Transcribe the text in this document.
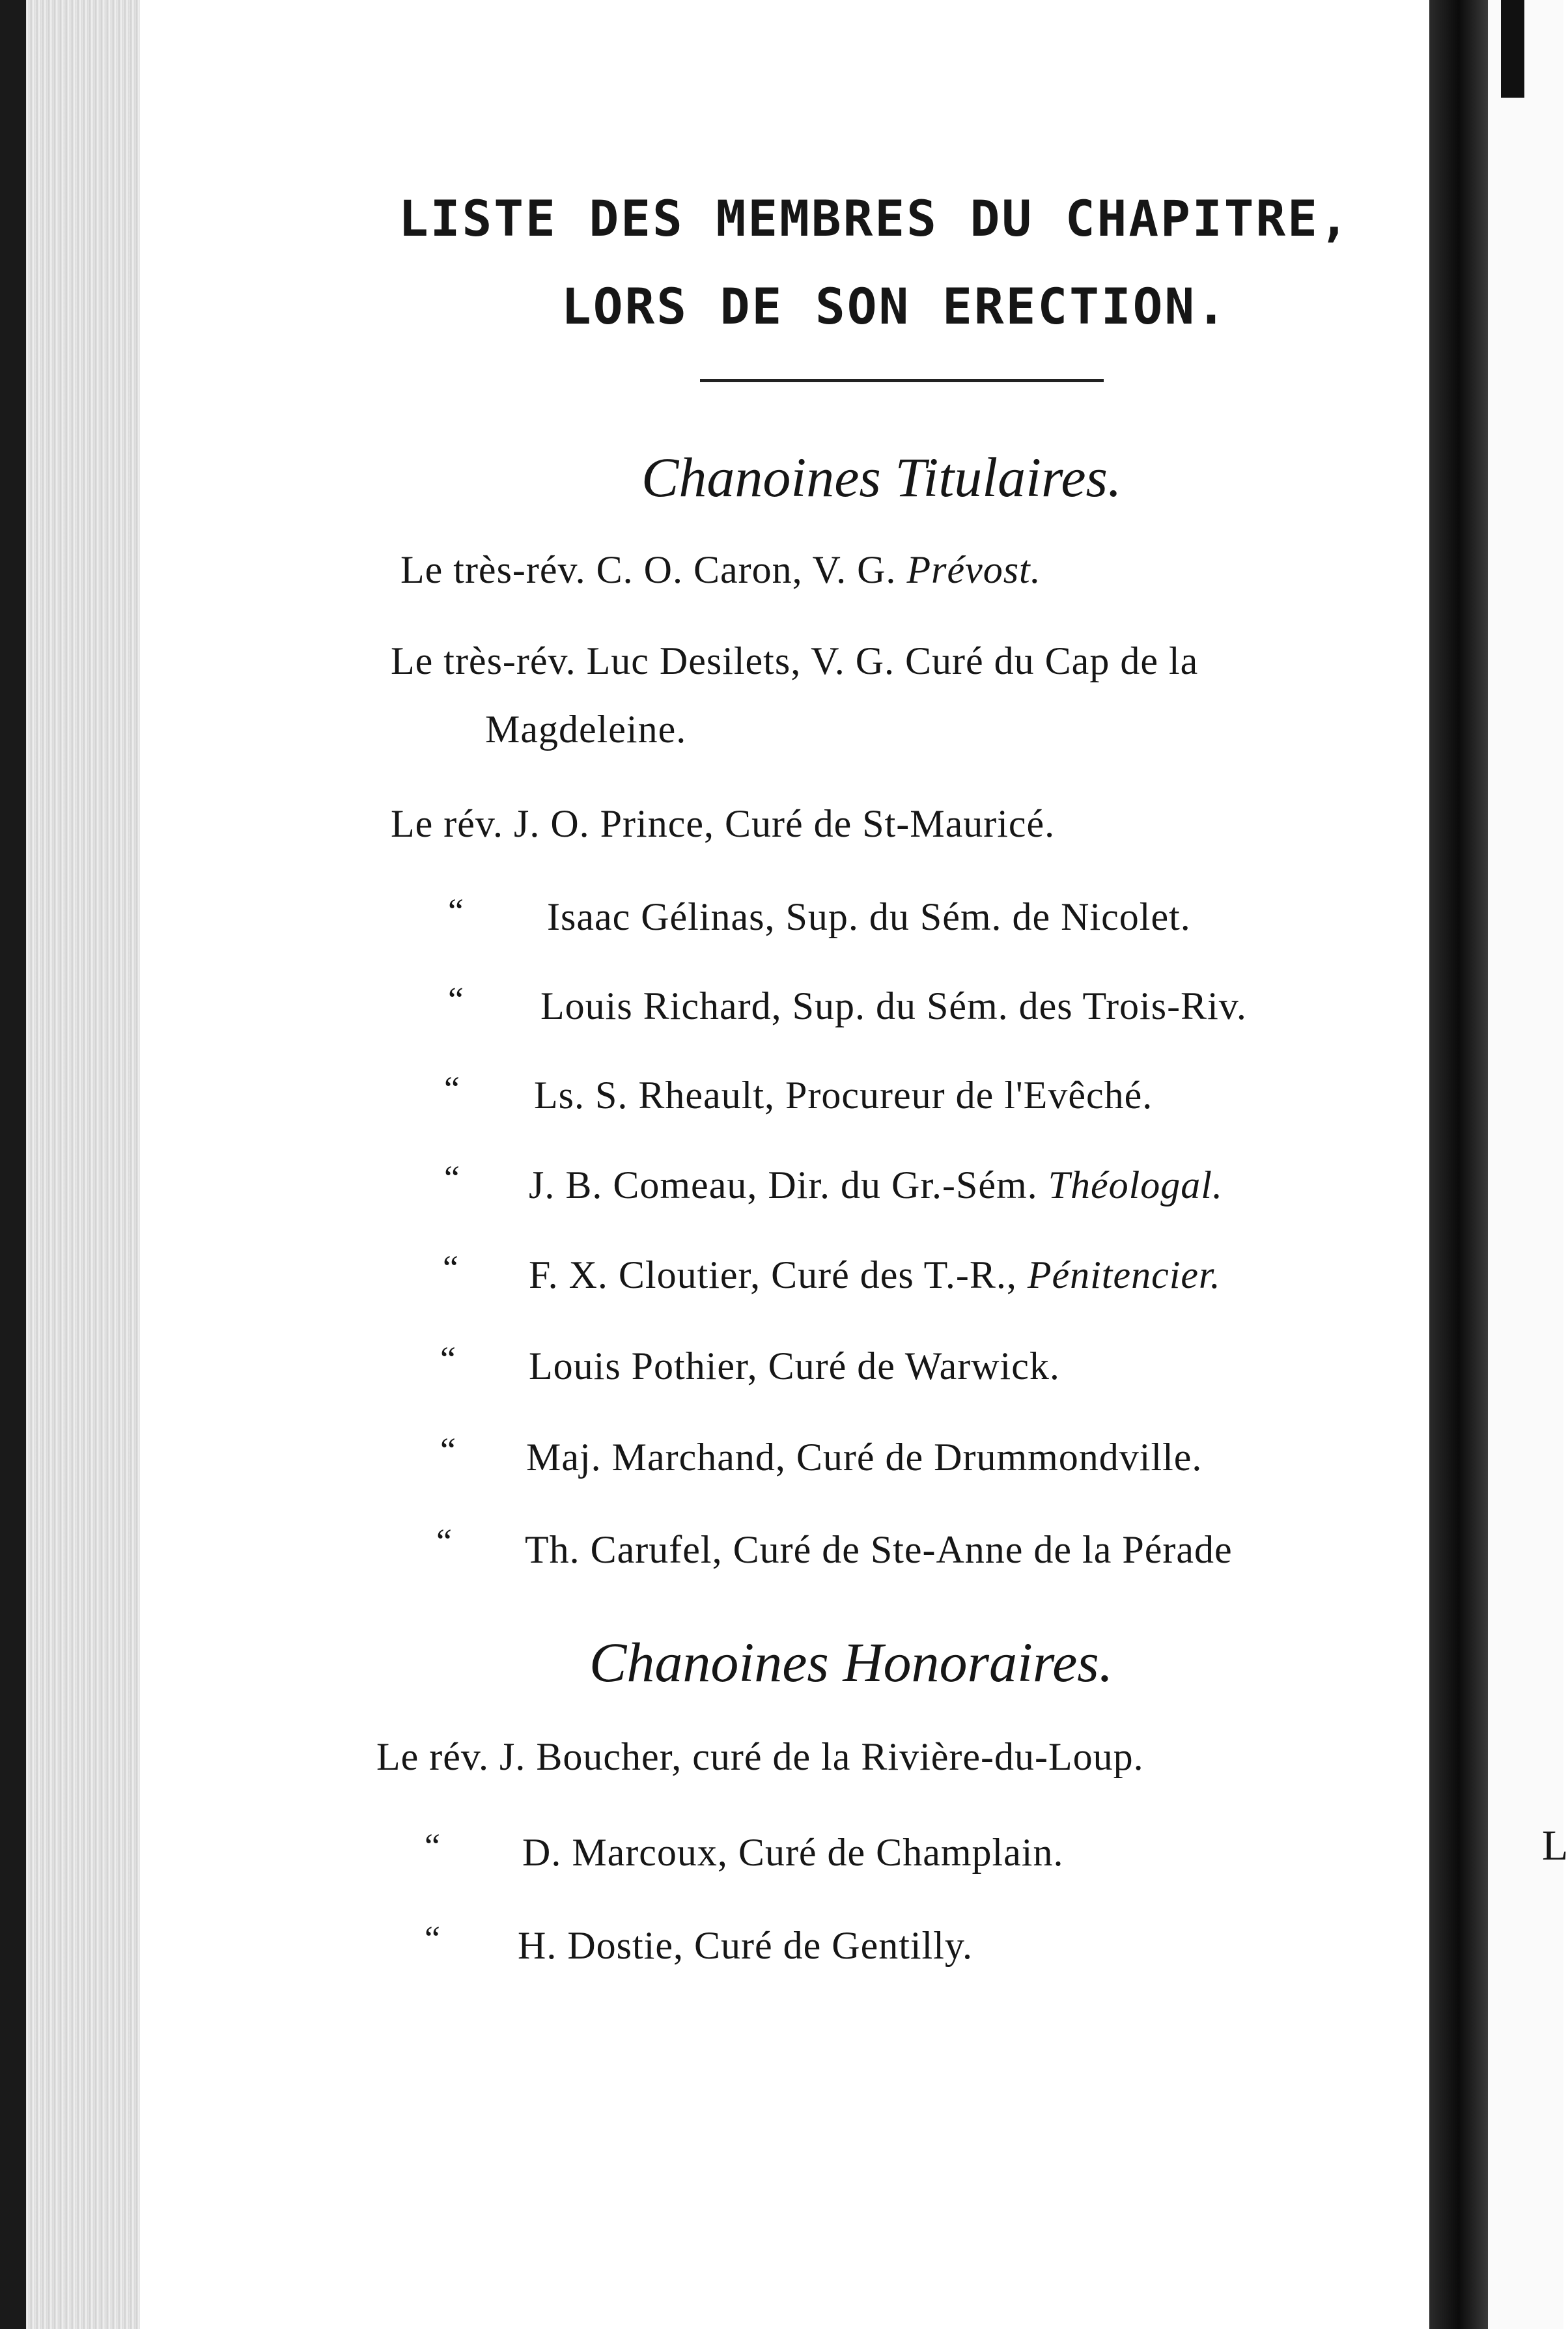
L
LISTE DES MEMBRES DU CHAPITRE,
LORS DE SON ERECTION.
Chanoines Titulaires.
Le très-rév. C. O. Caron, V. G. Prévost.
Le très-rév. Luc Desilets, V. G. Curé du Cap de la
Magdeleine.
Le rév. J. O. Prince, Curé de St-Mauricé.
“ Isaac Gélinas, Sup. du Sém. de Nicolet.
“ Louis Richard, Sup. du Sém. des Trois-Riv.
“ Ls. S. Rheault, Procureur de l'Evêché.
“ J. B. Comeau, Dir. du Gr.-Sém. Théologal.
“ F. X. Cloutier, Curé des T.-R., Pénitencier.
“ Louis Pothier, Curé de Warwick.
“ Maj. Marchand, Curé de Drummondville.
“ Th. Carufel, Curé de Ste-Anne de la Pérade
Chanoines Honoraires.
Le rév. J. Boucher, curé de la Rivière-du-Loup.
“ D. Marcoux, Curé de Champlain.
“ H. Dostie, Curé de Gentilly.
